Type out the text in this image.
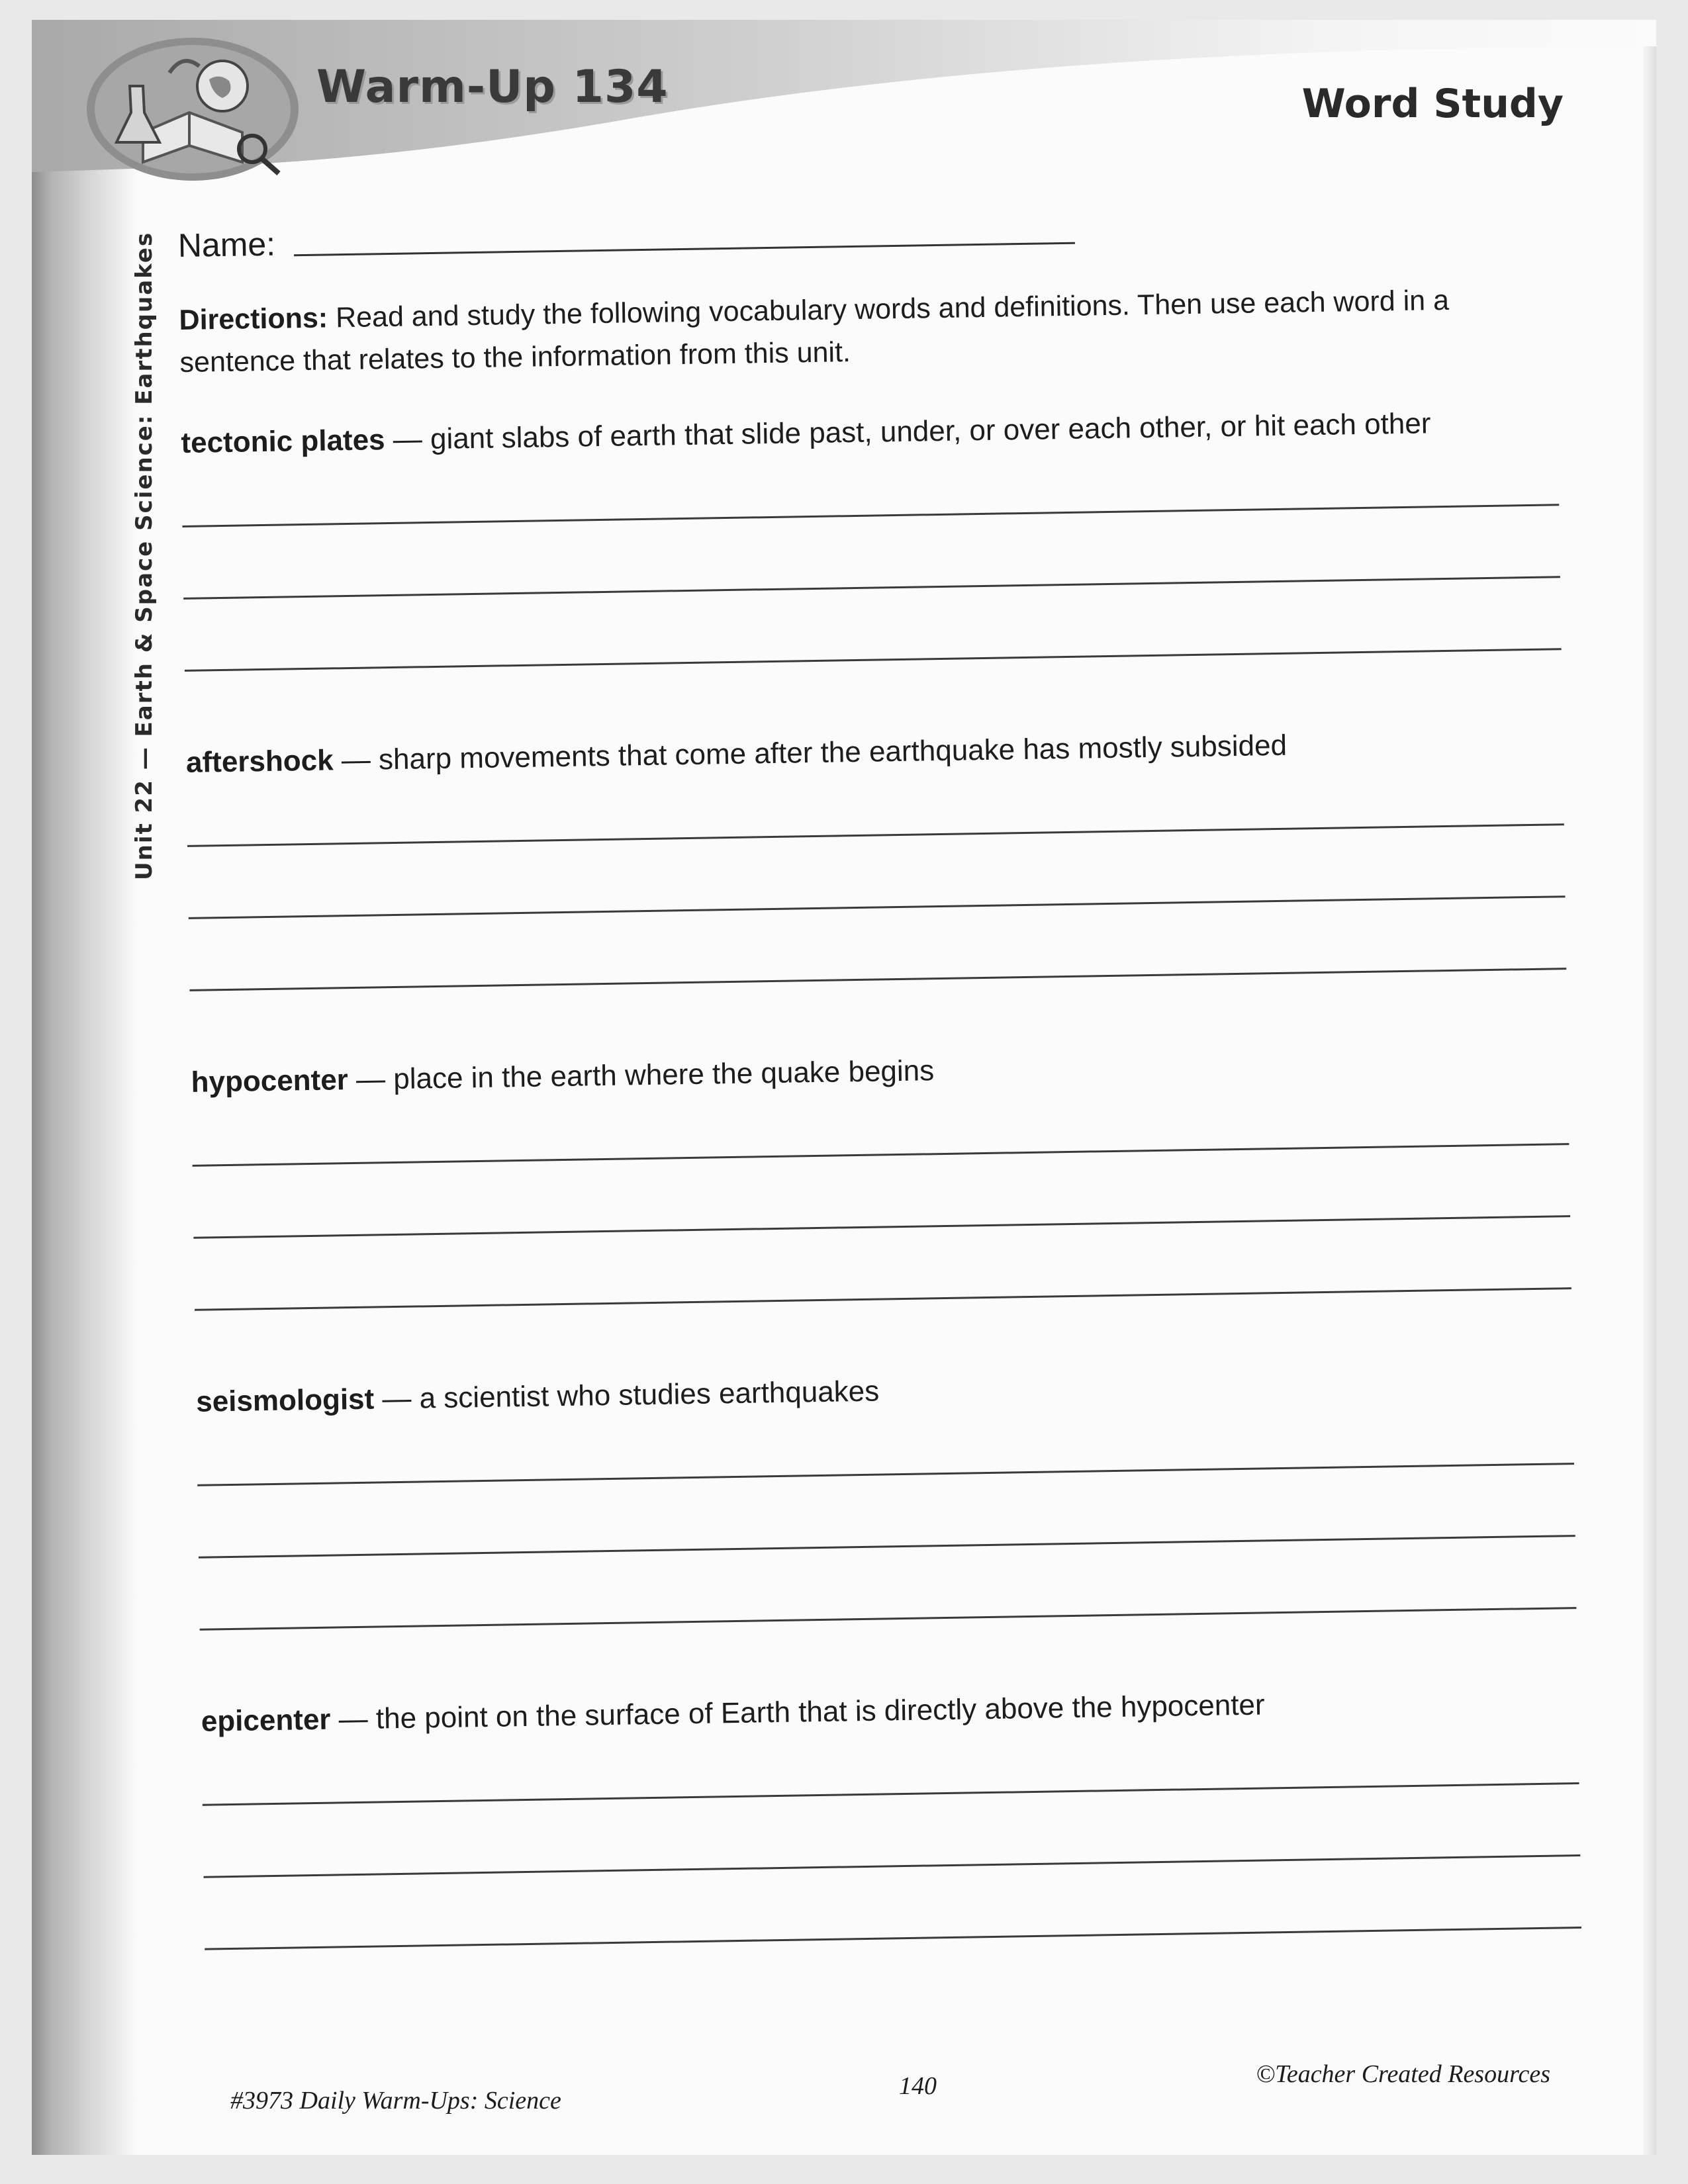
Warm-Up 134	Word Study
Unit 22 — Earth & Space Science: Earthquakes Name:
Directions: Read and study the following vocabulary words and definitions. Then use each word in a sentence that relates to the information from this unit.
tectonic plates — giant slabs of earth that slide past, under, or over each other, or hit each other
aftershock — sharp movements that come after the earthquake has mostly subsided
hypocenter — place in the earth where the quake begins
seismologist — a scientist who studies earthquakes
epicenter — the point on the surface of Earth that is directly above the hypocenter
#3973 Daily Warm-Ups: Science
140	©Teacher Created Resources
